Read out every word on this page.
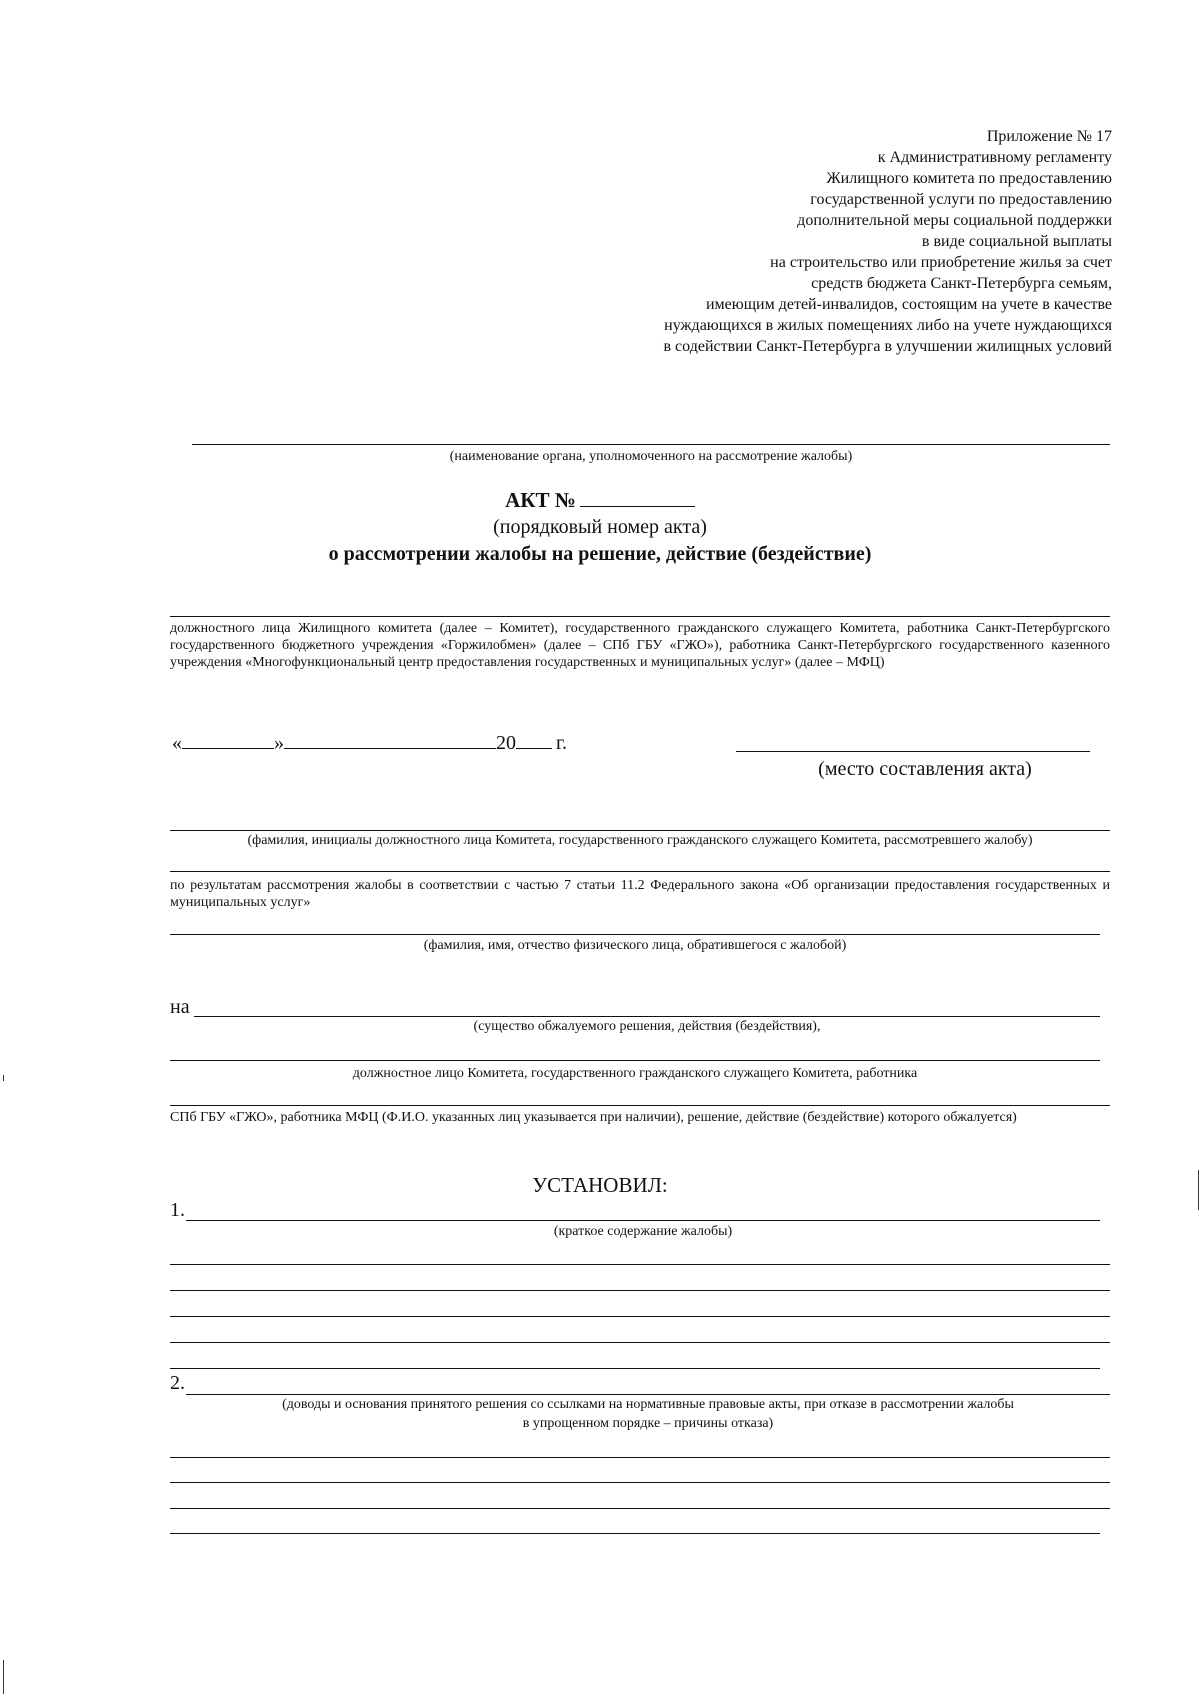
Приложение № 17
к Административному регламенту
Жилищного комитета по предоставлению
государственной услуги по предоставлению
дополнительной меры социальной поддержки
в виде социальной выплаты
на строительство или приобретение жилья за счет
средств бюджета Санкт-Петербурга семьям,
имеющим детей-инвалидов, состоящим на учете в качестве
нуждающихся в жилых помещениях либо на учете нуждающихся
в содействии Санкт-Петербурга в улучшении жилищных условий
(наименование органа, уполномоченного на рассмотрение жалобы)
АКТ №
(порядковый номер акта)
о рассмотрении жалобы на решение, действие (бездействие)
должностного лица Жилищного комитета (далее – Комитет), государственного гражданского служащего Комитета, работника Санкт-Петербургского государственного бюджетного учреждения «Горжилобмен» (далее – СПб ГБУ «ГЖО»), работника Санкт-Петербургского государственного казенного учреждения «Многофункциональный центр предоставления государственных и муниципальных услуг» (далее – МФЦ)
«	»	20 г.
(место составления акта)
(фамилия, инициалы должностного лица Комитета, государственного гражданского служащего Комитета, рассмотревшего жалобу)
по результатам рассмотрения жалобы в соответствии с частью 7 статьи 11.2 Федерального закона «Об организации предоставления государственных и муниципальных услуг»
(фамилия, имя, отчество физического лица, обратившегося с жалобой)
на
(существо обжалуемого решения, действия (бездействия),
должностное лицо Комитета, государственного гражданского служащего Комитета, работника
СПб ГБУ «ГЖО», работника МФЦ (Ф.И.О. указанных лиц указывается при наличии), решение, действие (бездействие) которого обжалуется)
УСТАНОВИЛ:
1.
(краткое содержание жалобы)
2.
(доводы и основания принятого решения со ссылками на нормативные правовые акты, при отказе в рассмотрении жалобы
в упрощенном порядке – причины отказа)
